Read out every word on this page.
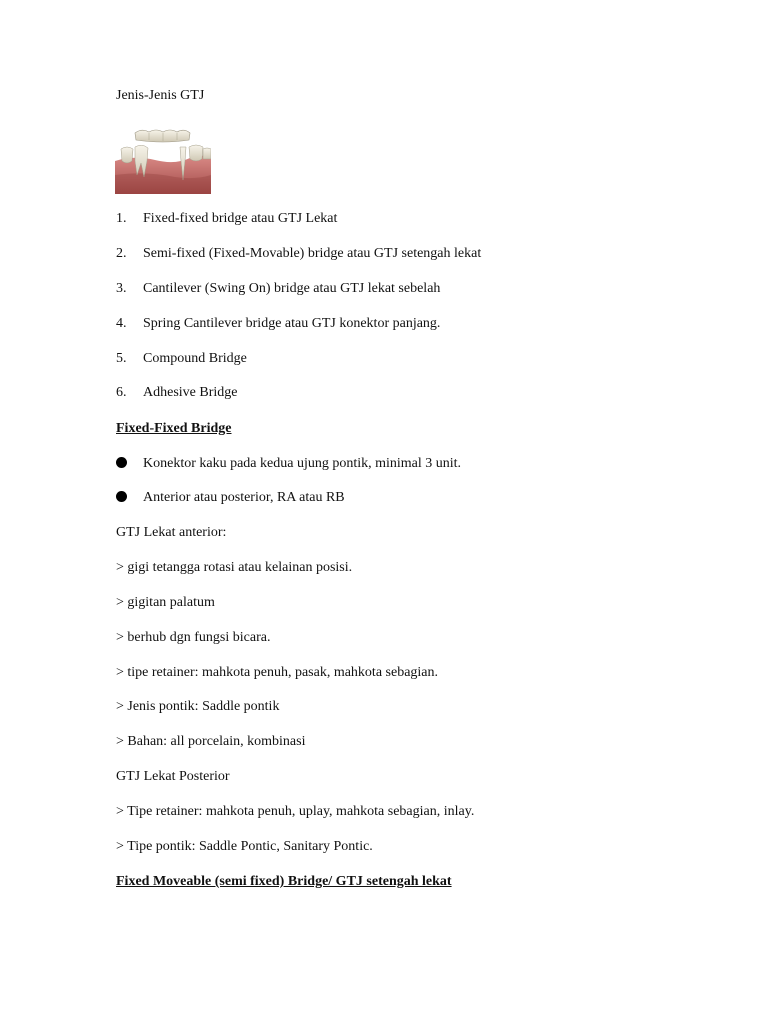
Jenis-Jenis GTJ
1. Fixed-fixed bridge atau GTJ Lekat
2. Semi-fixed (Fixed-Movable) bridge atau GTJ setengah lekat
3. Cantilever (Swing On) bridge atau GTJ lekat sebelah
4. Spring Cantilever bridge atau GTJ konektor panjang.
5. Compound Bridge
6. Adhesive Bridge
Fixed-Fixed Bridge
Konektor kaku pada kedua ujung pontik, minimal 3 unit.
Anterior atau posterior, RA atau RB
GTJ Lekat anterior:
> gigi tetangga rotasi atau kelainan posisi.
> gigitan palatum
> berhub dgn fungsi bicara.
> tipe retainer: mahkota penuh, pasak, mahkota sebagian.
> Jenis pontik: Saddle pontik
> Bahan: all porcelain, kombinasi
GTJ Lekat Posterior
> Tipe retainer: mahkota penuh, uplay, mahkota sebagian, inlay.
> Tipe pontik: Saddle Pontic, Sanitary Pontic.
Fixed Moveable (semi fixed) Bridge/ GTJ setengah lekat
